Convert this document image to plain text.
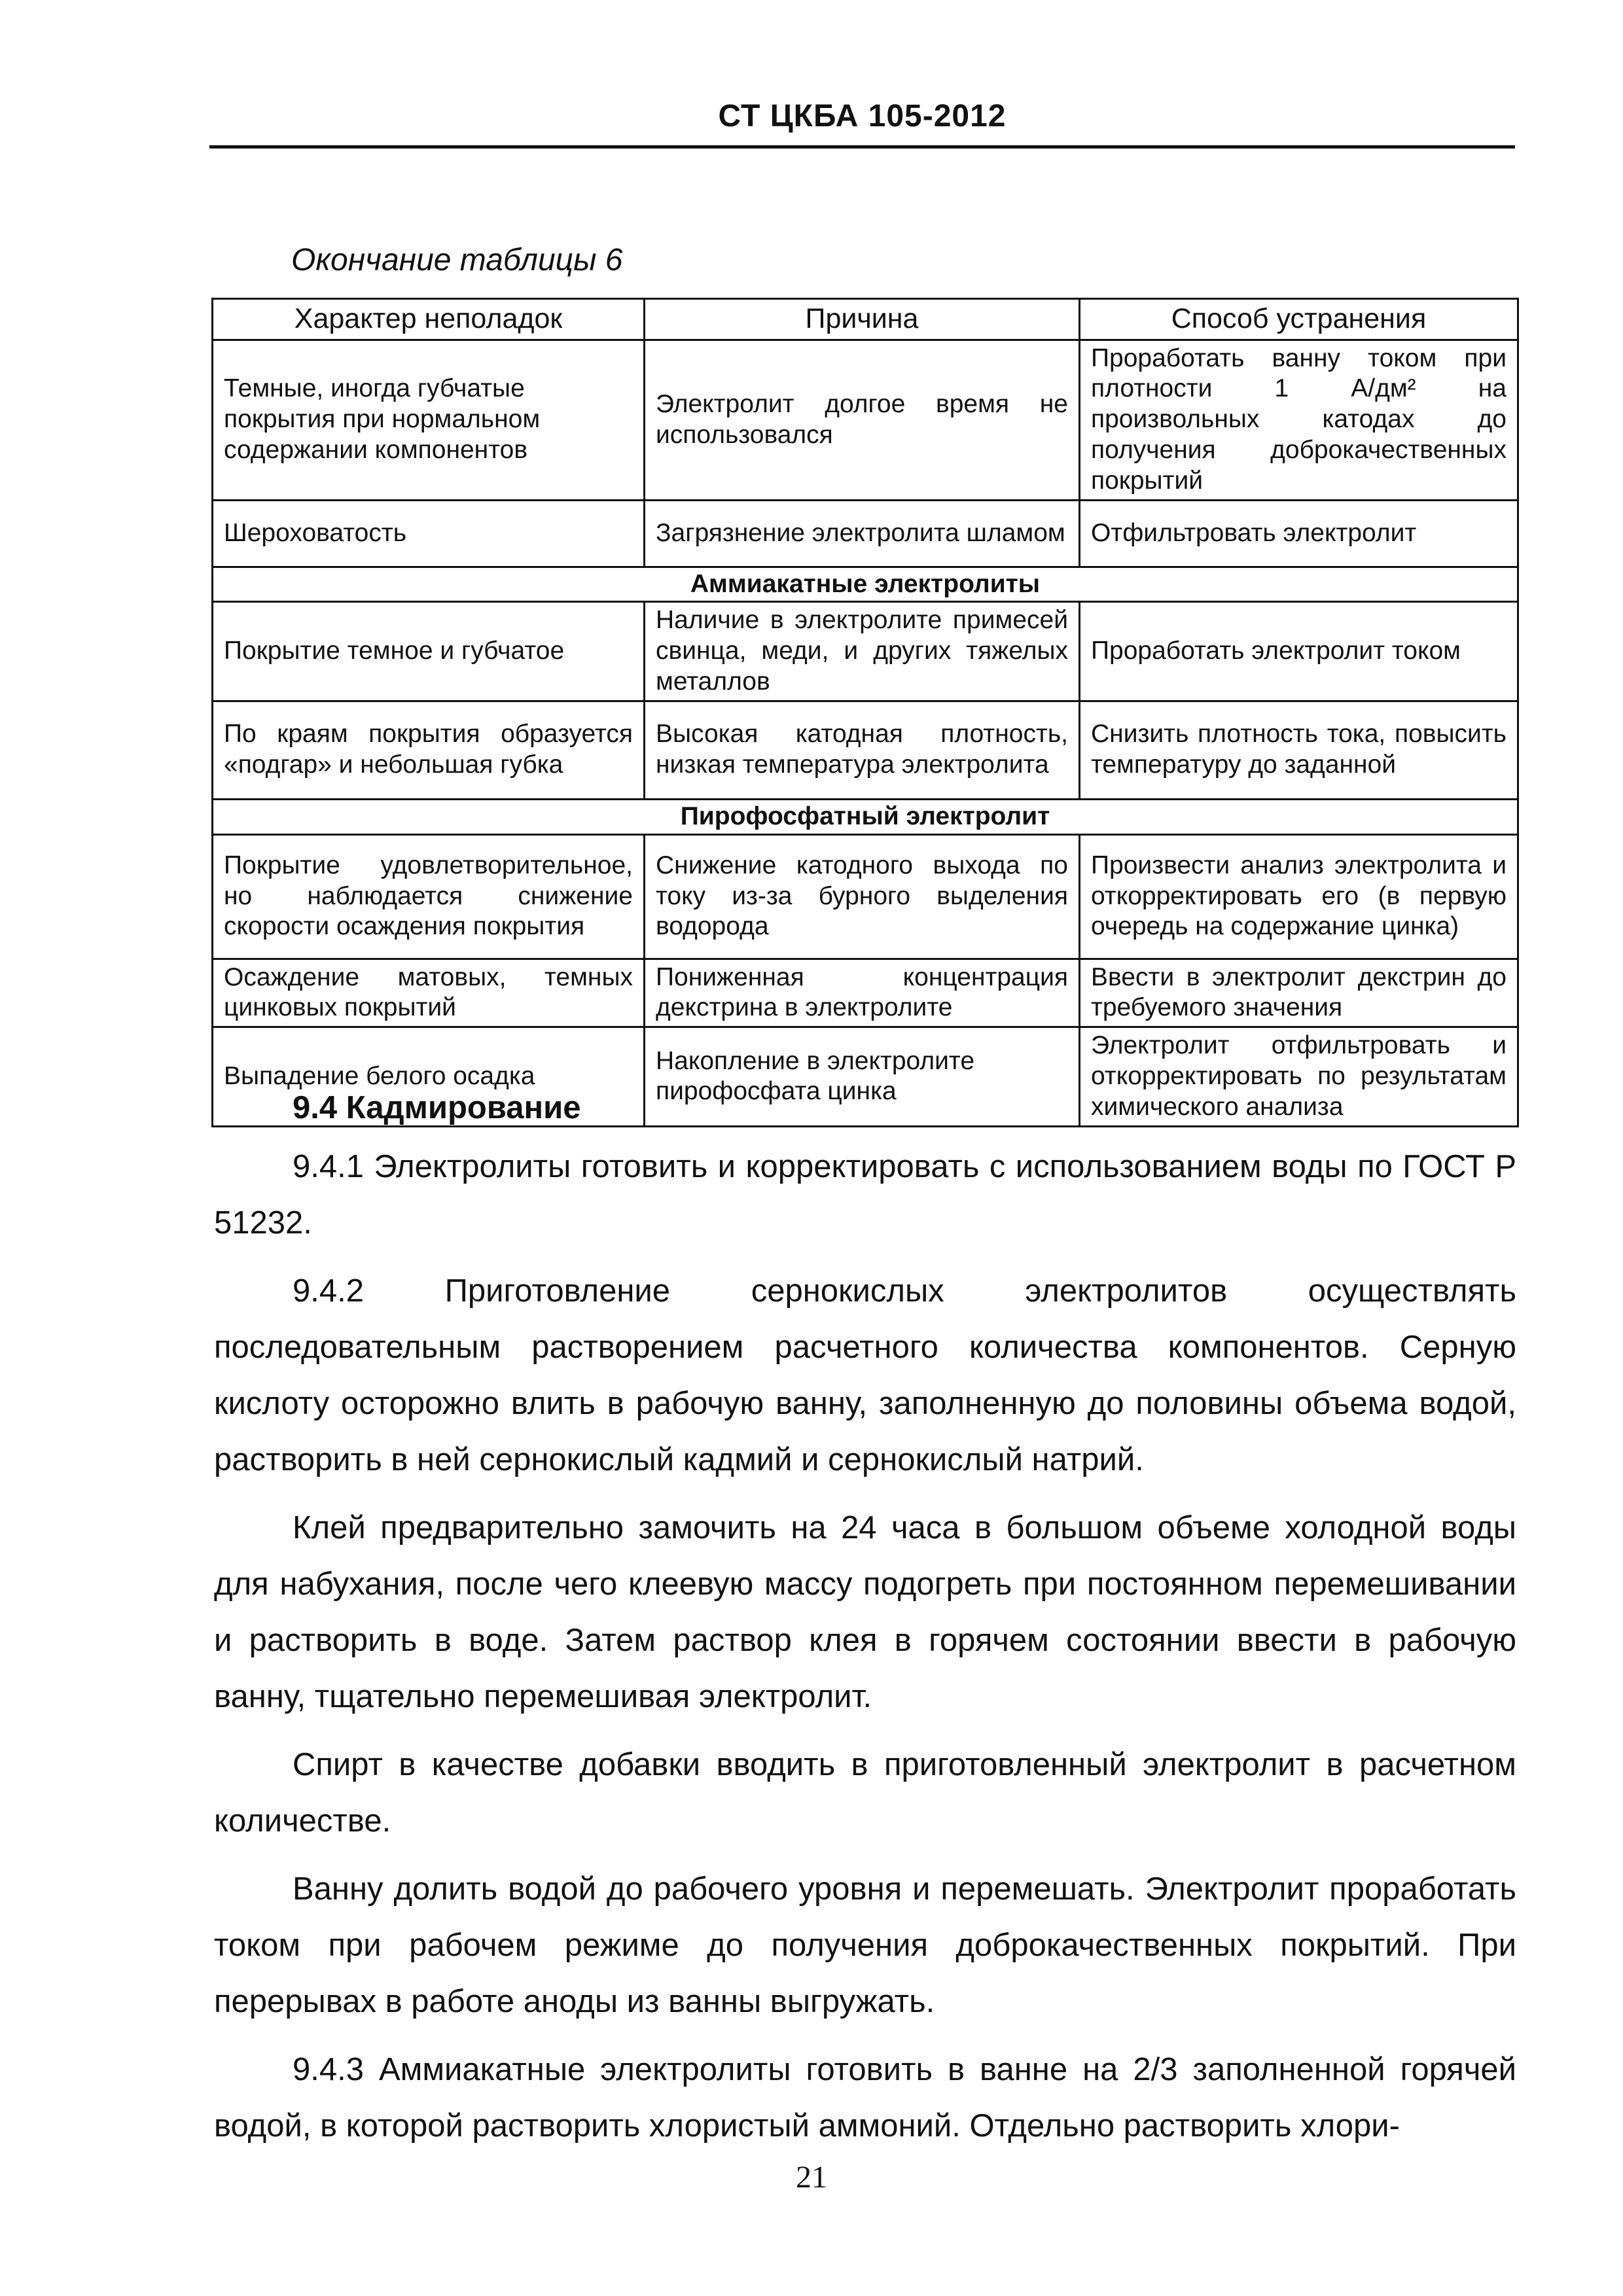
СТ ЦКБА 105-2012
Окончание таблицы 6
Характер неполадок	Причина	Способ устранения
Темные, иногда губчатые покрытия при нормальном содержании компонентов	Электролит долгое время не использовался	Проработать ванну током при плотности 1 А/дм² на произвольных катодах до получения доброкачественных покрытий
Шероховатость	Загрязнение электролита шламом	Отфильтровать электролит
Аммиакатные электролиты		
Покрытие темное и губчатое	Наличие в электролите примесей свинца, меди, и других тяжелых металлов	Проработать электролит током
По краям покрытия образуется «подгар» и небольшая губка	Высокая катодная плотность, низкая температура электролита	Снизить плотность тока, повысить температуру до заданной
Пирофосфатный электролит		
Покрытие удовлетворительное, но наблюдается снижение скорости осаждения покрытия	Снижение катодного выхода по току из-за бурного выделения водорода	Произвести анализ электролита и откорректировать его (в первую очередь на содержание цинка)
Осаждение матовых, темных цинковых покрытий	Пониженная концентрация декстрина в электролите	Ввести в электролит декстрин до требуемого значения
Выпадение белого осадка	Накопление в электролите пирофосфата цинка	Электролит отфильтровать и откорректировать по результатам химического анализа
9.4 Кадмирование

9.4.1 Электролиты готовить и корректировать с использованием воды по ГОСТ Р 51232.

9.4.2 Приготовление сернокислых электролитов осуществлять последовательным растворением расчетного количества компонентов. Серную кислоту осторожно влить в рабочую ванну, заполненную до половины объема водой, растворить в ней сернокислый кадмий и сернокислый натрий.

Клей предварительно замочить на 24 часа в большом объеме холодной воды для набухания, после чего клеевую массу подогреть при постоянном перемешивании и растворить в воде. Затем раствор клея в горячем состоянии ввести в рабочую ванну, тщательно перемешивая электролит.

Спирт в качестве добавки вводить в приготовленный электролит в расчетном количестве.

Ванну долить водой до рабочего уровня и перемешать. Электролит проработать током при рабочем режиме до получения доброкачественных покрытий. При перерывах в работе аноды из ванны выгружать.

9.4.3 Аммиакатные электролиты готовить в ванне на 2/3 заполненной горячей водой, в которой растворить хлористый аммоний. Отдельно растворить хлори-

21
